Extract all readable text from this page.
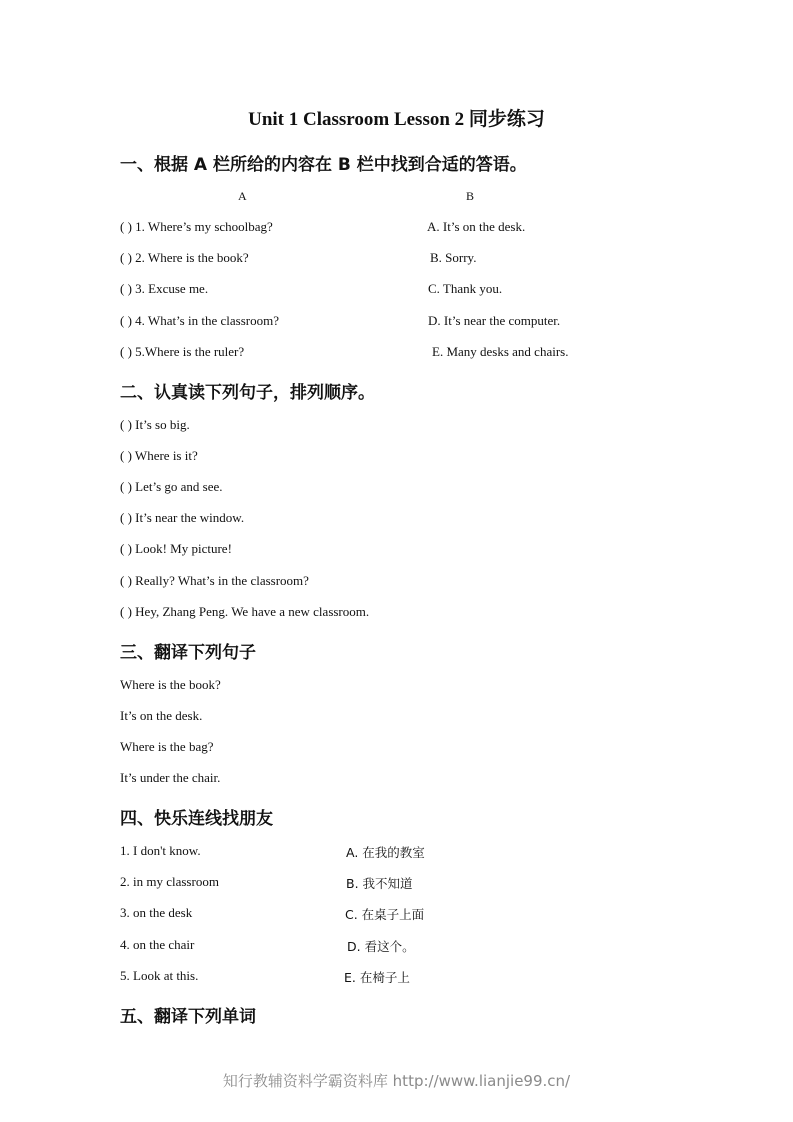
Unit 1 Classroom Lesson 2 同步练习
一、根据 A 栏所给的内容在 B 栏中找到合适的答语。
A	B
( ) 1. Where’s my schoolbag?	A. It’s on the desk.
( ) 2. Where is the book?	B. Sorry.
( ) 3. Excuse me.	C. Thank you.
( ) 4. What’s in the classroom?	D. It’s near the computer.
( ) 5.Where is the ruler?	E. Many desks and chairs.
二、认真读下列句子，排列顺序。
( ) It’s so big.
( ) Where is it?
( ) Let’s go and see.
( ) It’s near the window.
( ) Look! My picture!
( ) Really? What’s in the classroom?
( ) Hey, Zhang Peng. We have a new classroom.
三、翻译下列句子
Where is the book?
It’s on the desk.
Where is the bag?
It’s under the chair.
四、快乐连线找朋友
1. I don't know.	A. 在我的教室
2. in my classroom	B. 我不知道
3. on the desk	C. 在桌子上面
4. on the chair	D. 看这个。
5. Look at this.	E. 在椅子上
五、翻译下列单词
知行教辅资料学霸资料库 http://www.lianjie99.cn/
